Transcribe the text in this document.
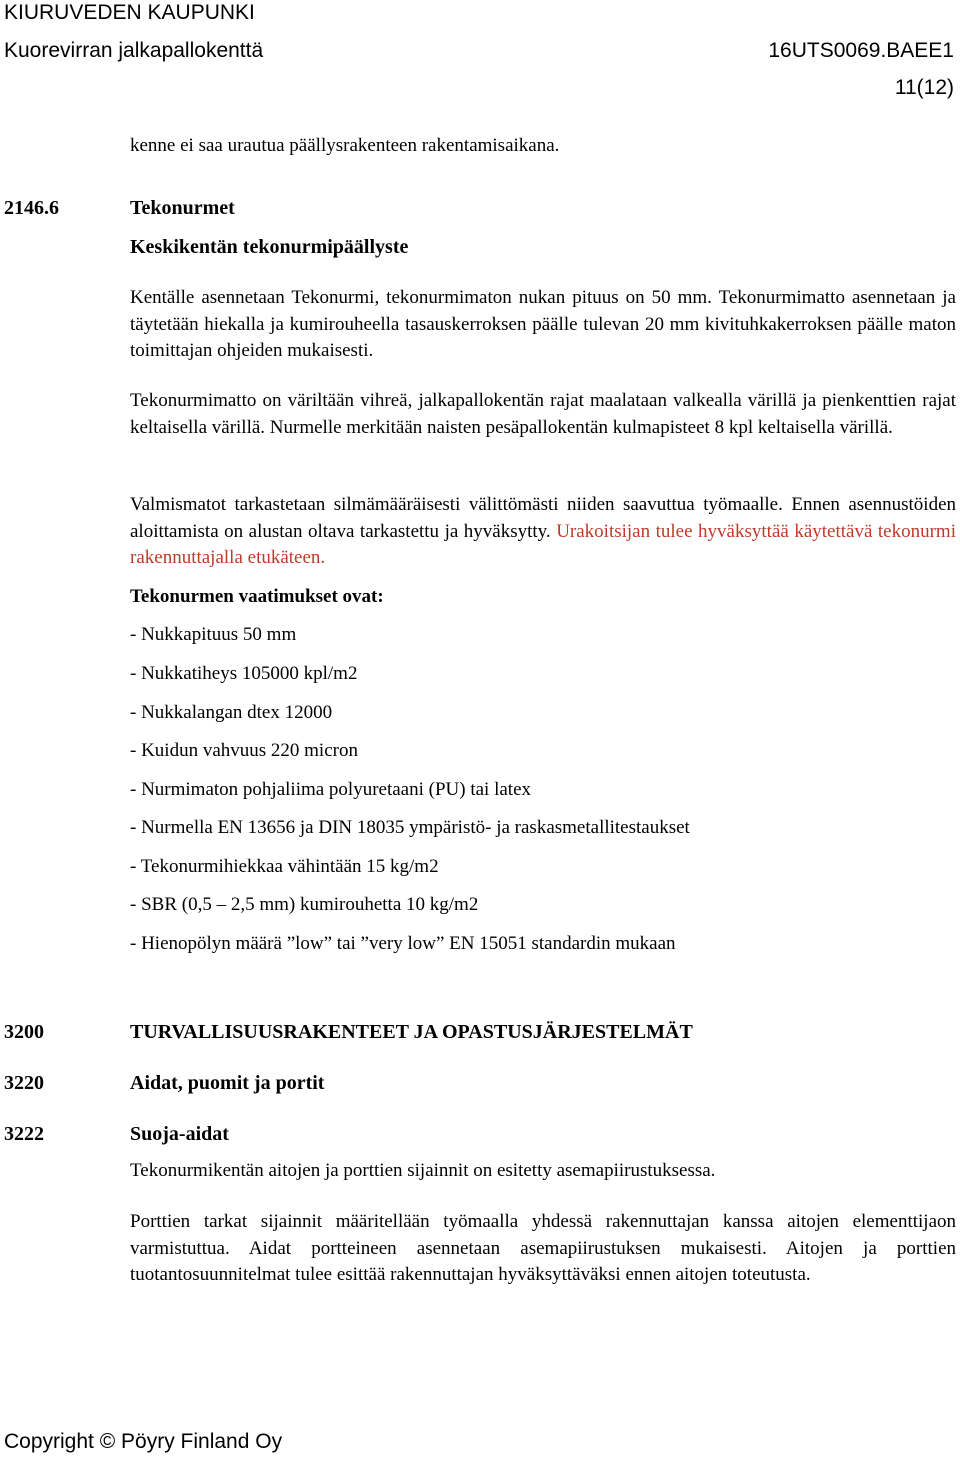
KIURUVEDEN KAUPUNKI
Kuorevirran jalkapallokenttä	16UTS0069.BAEE1
11(12)

kenne ei saa urautua päällysrakenteen rakentamisaikana.

2146.6	Tekonurmet
Keskikentän tekonurmipäällyste

Kentälle asennetaan Tekonurmi, tekonurmimaton nukan pituus on 50 mm. Tekonurmimatto asennetaan ja täytetään hiekalla ja kumirouheella tasauskerroksen päälle tulevan 20 mm kivituhkakerroksen päälle maton toimittajan ohjeiden mukaisesti.

Tekonurmimatto on väriltään vihreä, jalkapallokentän rajat maalataan valkealla värillä ja pienkenttien rajat keltaisella värillä. Nurmelle merkitään naisten pesäpallokentän kulmapisteet 8 kpl keltaisella värillä.

Valmismatot tarkastetaan silmämääräisesti välittömästi niiden saavuttua työmaalle. Ennen asennustöiden aloittamista on alustan oltava tarkastettu ja hyväksytty. Urakoitsijan tulee hyväksyttää käytettävä tekonurmi rakennuttajalla etukäteen.

Tekonurmen vaatimukset ovat:
- Nukkapituus 50 mm
- Nukkatiheys 105000 kpl/m2
- Nukkalangan dtex 12000
- Kuidun vahvuus 220 micron
- Nurmimaton pohjaliima polyuretaani (PU) tai latex
- Nurmella EN 13656 ja DIN 18035 ympäristö- ja raskasmetallitestaukset
- Tekonurmihiekkaa vähintään 15 kg/m2
- SBR (0,5 – 2,5 mm) kumirouhetta 10 kg/m2
- Hienopölyn määrä ”low” tai ”very low” EN 15051 standardin mukaan
3200	TURVALLISUUSRAKENTEET JA OPASTUSJÄRJESTELMÄT
3220	Aidat, puomit ja portit
3222	Suoja-aidat

Tekonurmikentän aitojen ja porttien sijainnit on esitetty asemapiirustuksessa.

Porttien tarkat sijainnit määritellään työmaalla yhdessä rakennuttajan kanssa aitojen elementtijaon varmistuttua. Aidat portteineen asennetaan asemapiirustuksen mukaisesti. Aitojen ja porttien tuotantosuunnitelmat tulee esittää rakennuttajan hyväksyttäväksi ennen aitojen toteutusta.

Copyright © Pöyry Finland Oy
